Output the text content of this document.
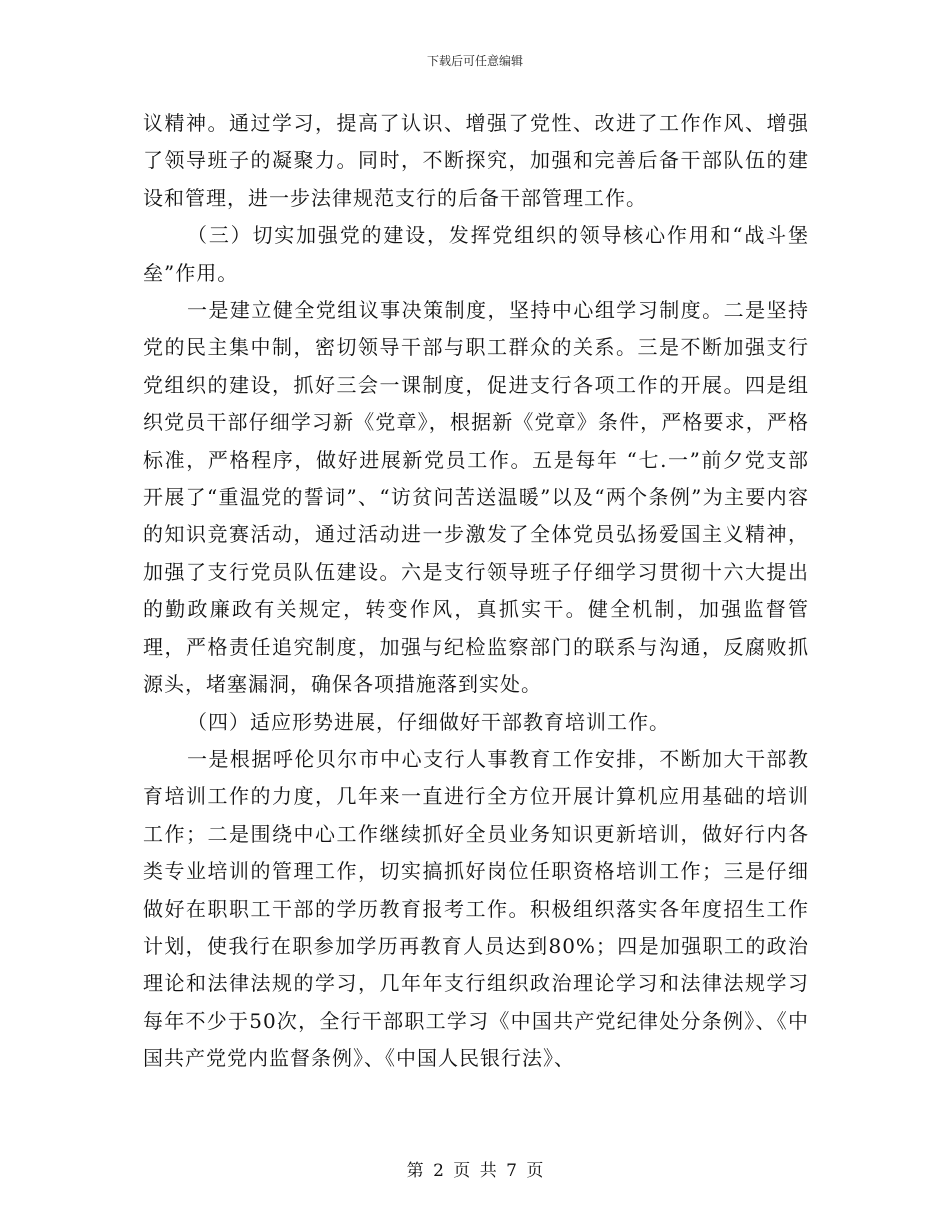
下载后可任意编辑

议精神。通过学习，提高了认识、增强了党性、改进了工作作风、增强了领导班子的凝聚力。同时，不断探究，加强和完善后备干部队伍的建设和管理，进一步法律规范支行的后备干部管理工作。

（三）切实加强党的建设，发挥党组织的领导核心作用和“战斗堡垒”作用。

一是建立健全党组议事决策制度，坚持中心组学习制度。二是坚持党的民主集中制，密切领导干部与职工群众的关系。三是不断加强支行党组织的建设，抓好三会一课制度，促进支行各项工作的开展。四是组织党员干部仔细学习新《党章》，根据新《党章》条件，严格要求，严格标准，严格程序，做好进展新党员工作。五是每年 “七.一”前夕党支部开展了“重温党的誓词”、“访贫问苦送温暖”以及“两个条例”为主要内容的知识竞赛活动，通过活动进一步激发了全体党员弘扬爱国主义精神，加强了支行党员队伍建设。六是支行领导班子仔细学习贯彻十六大提出的勤政廉政有关规定，转变作风，真抓实干。健全机制，加强监督管理，严格责任追究制度，加强与纪检监察部门的联系与沟通，反腐败抓源头，堵塞漏洞，确保各项措施落到实处。

（四）适应形势进展，仔细做好干部教育培训工作。

一是根据呼伦贝尔市中心支行人事教育工作安排，不断加大干部教育培训工作的力度，几年来一直进行全方位开展计算机应用基础的培训工作；二是围绕中心工作继续抓好全员业务知识更新培训，做好行内各类专业培训的管理工作，切实搞抓好岗位任职资格培训工作；三是仔细做好在职职工干部的学历教育报考工作。积极组织落实各年度招生工作计划，使我行在职参加学历再教育人员达到80%；四是加强职工的政治理论和法律法规的学习，几年年支行组织政治理论学习和法律法规学习每年不少于50次，全行干部职工学习《中国共产党纪律处分条例》、《中国共产党党内监督条例》、《中国人民银行法》、

第 2 页 共 7 页
